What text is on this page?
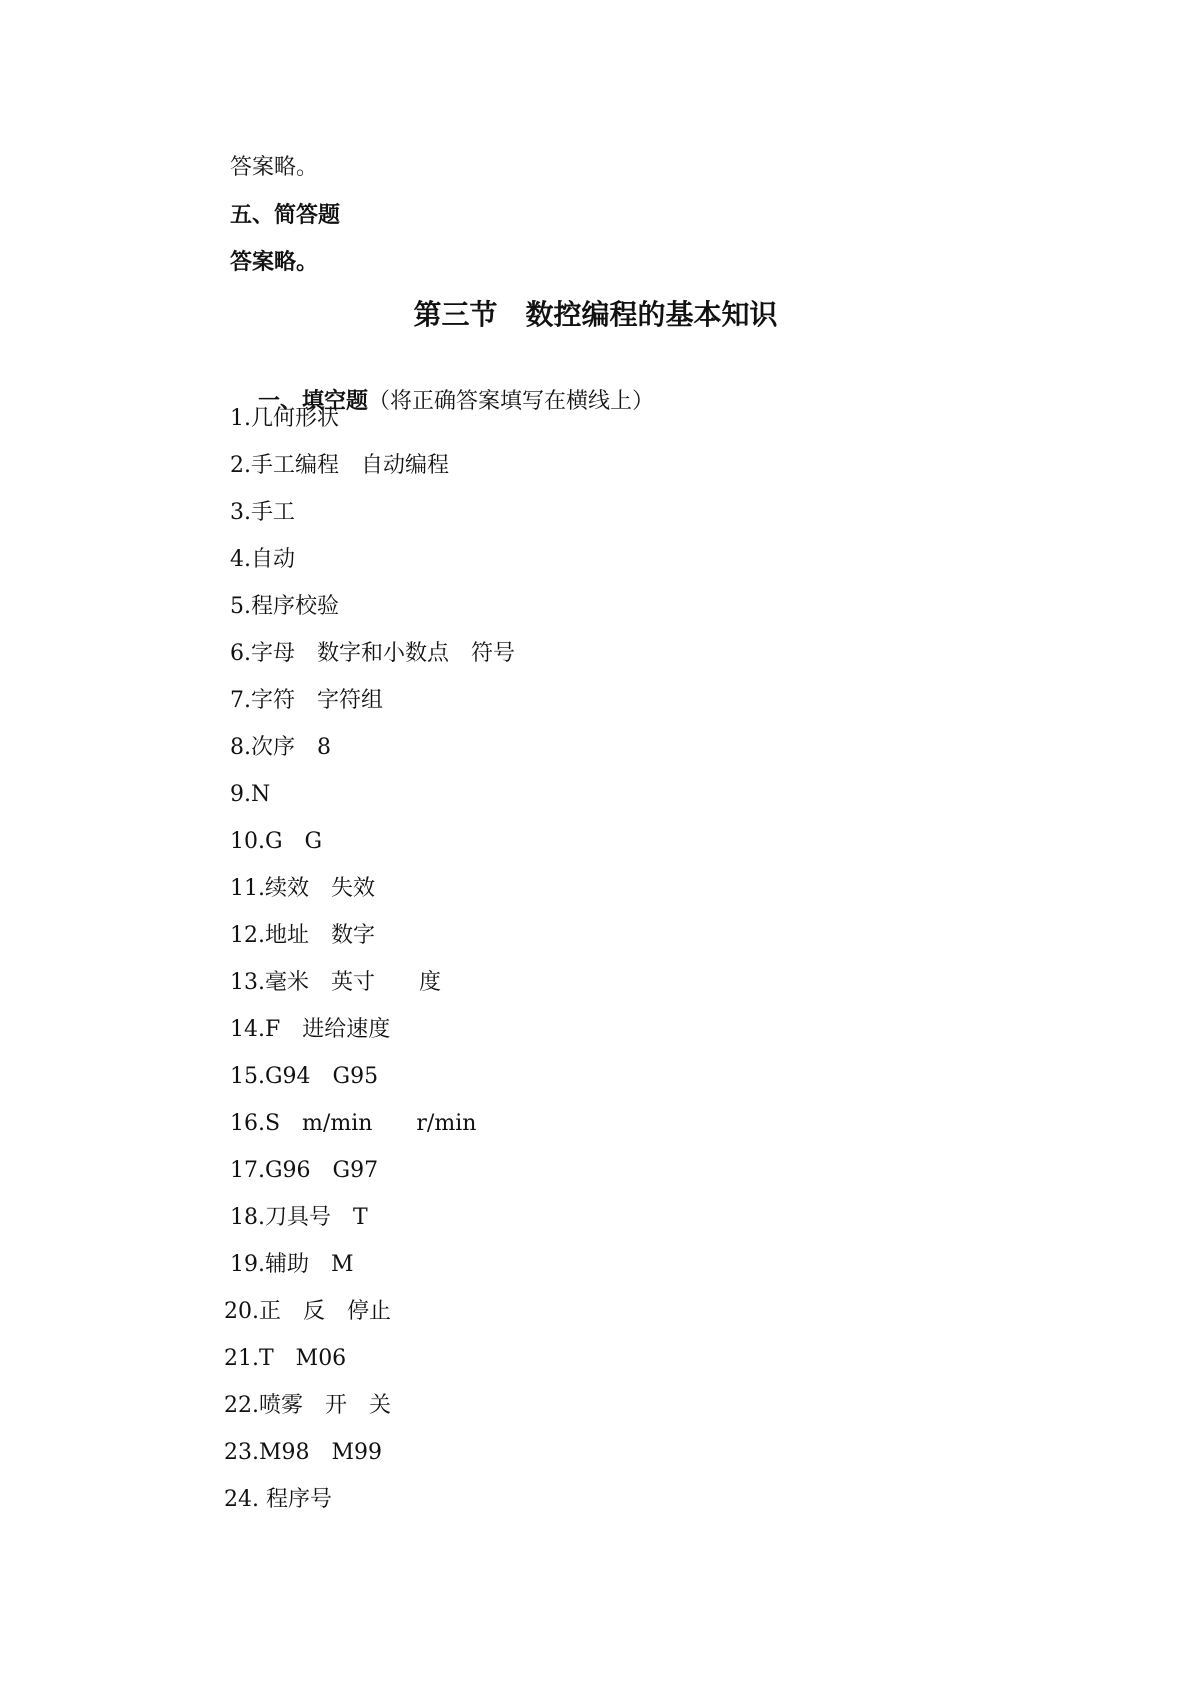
答案略。
五、简答题
答案略。
第三节　数控编程的基本知识

一、填空题（将正确答案填写在横线上）

1.几何形状
2.手工编程　自动编程
3.手工
4.自动
5.程序校验
6.字母　数字和小数点　符号
7.字符　字符组
8.次序　8
9.N
10.G　G
11.续效　失效
12.地址　数字
13.毫米　英寸　　度
14.F　进给速度
15.G94　G95
16.S　m/min　　r/min
17.G96　G97
18.刀具号　T
19.辅助　M
20.正　反　停止
21.T　M06
22.喷雾　开　关
23.M98　M99
24. 程序号
